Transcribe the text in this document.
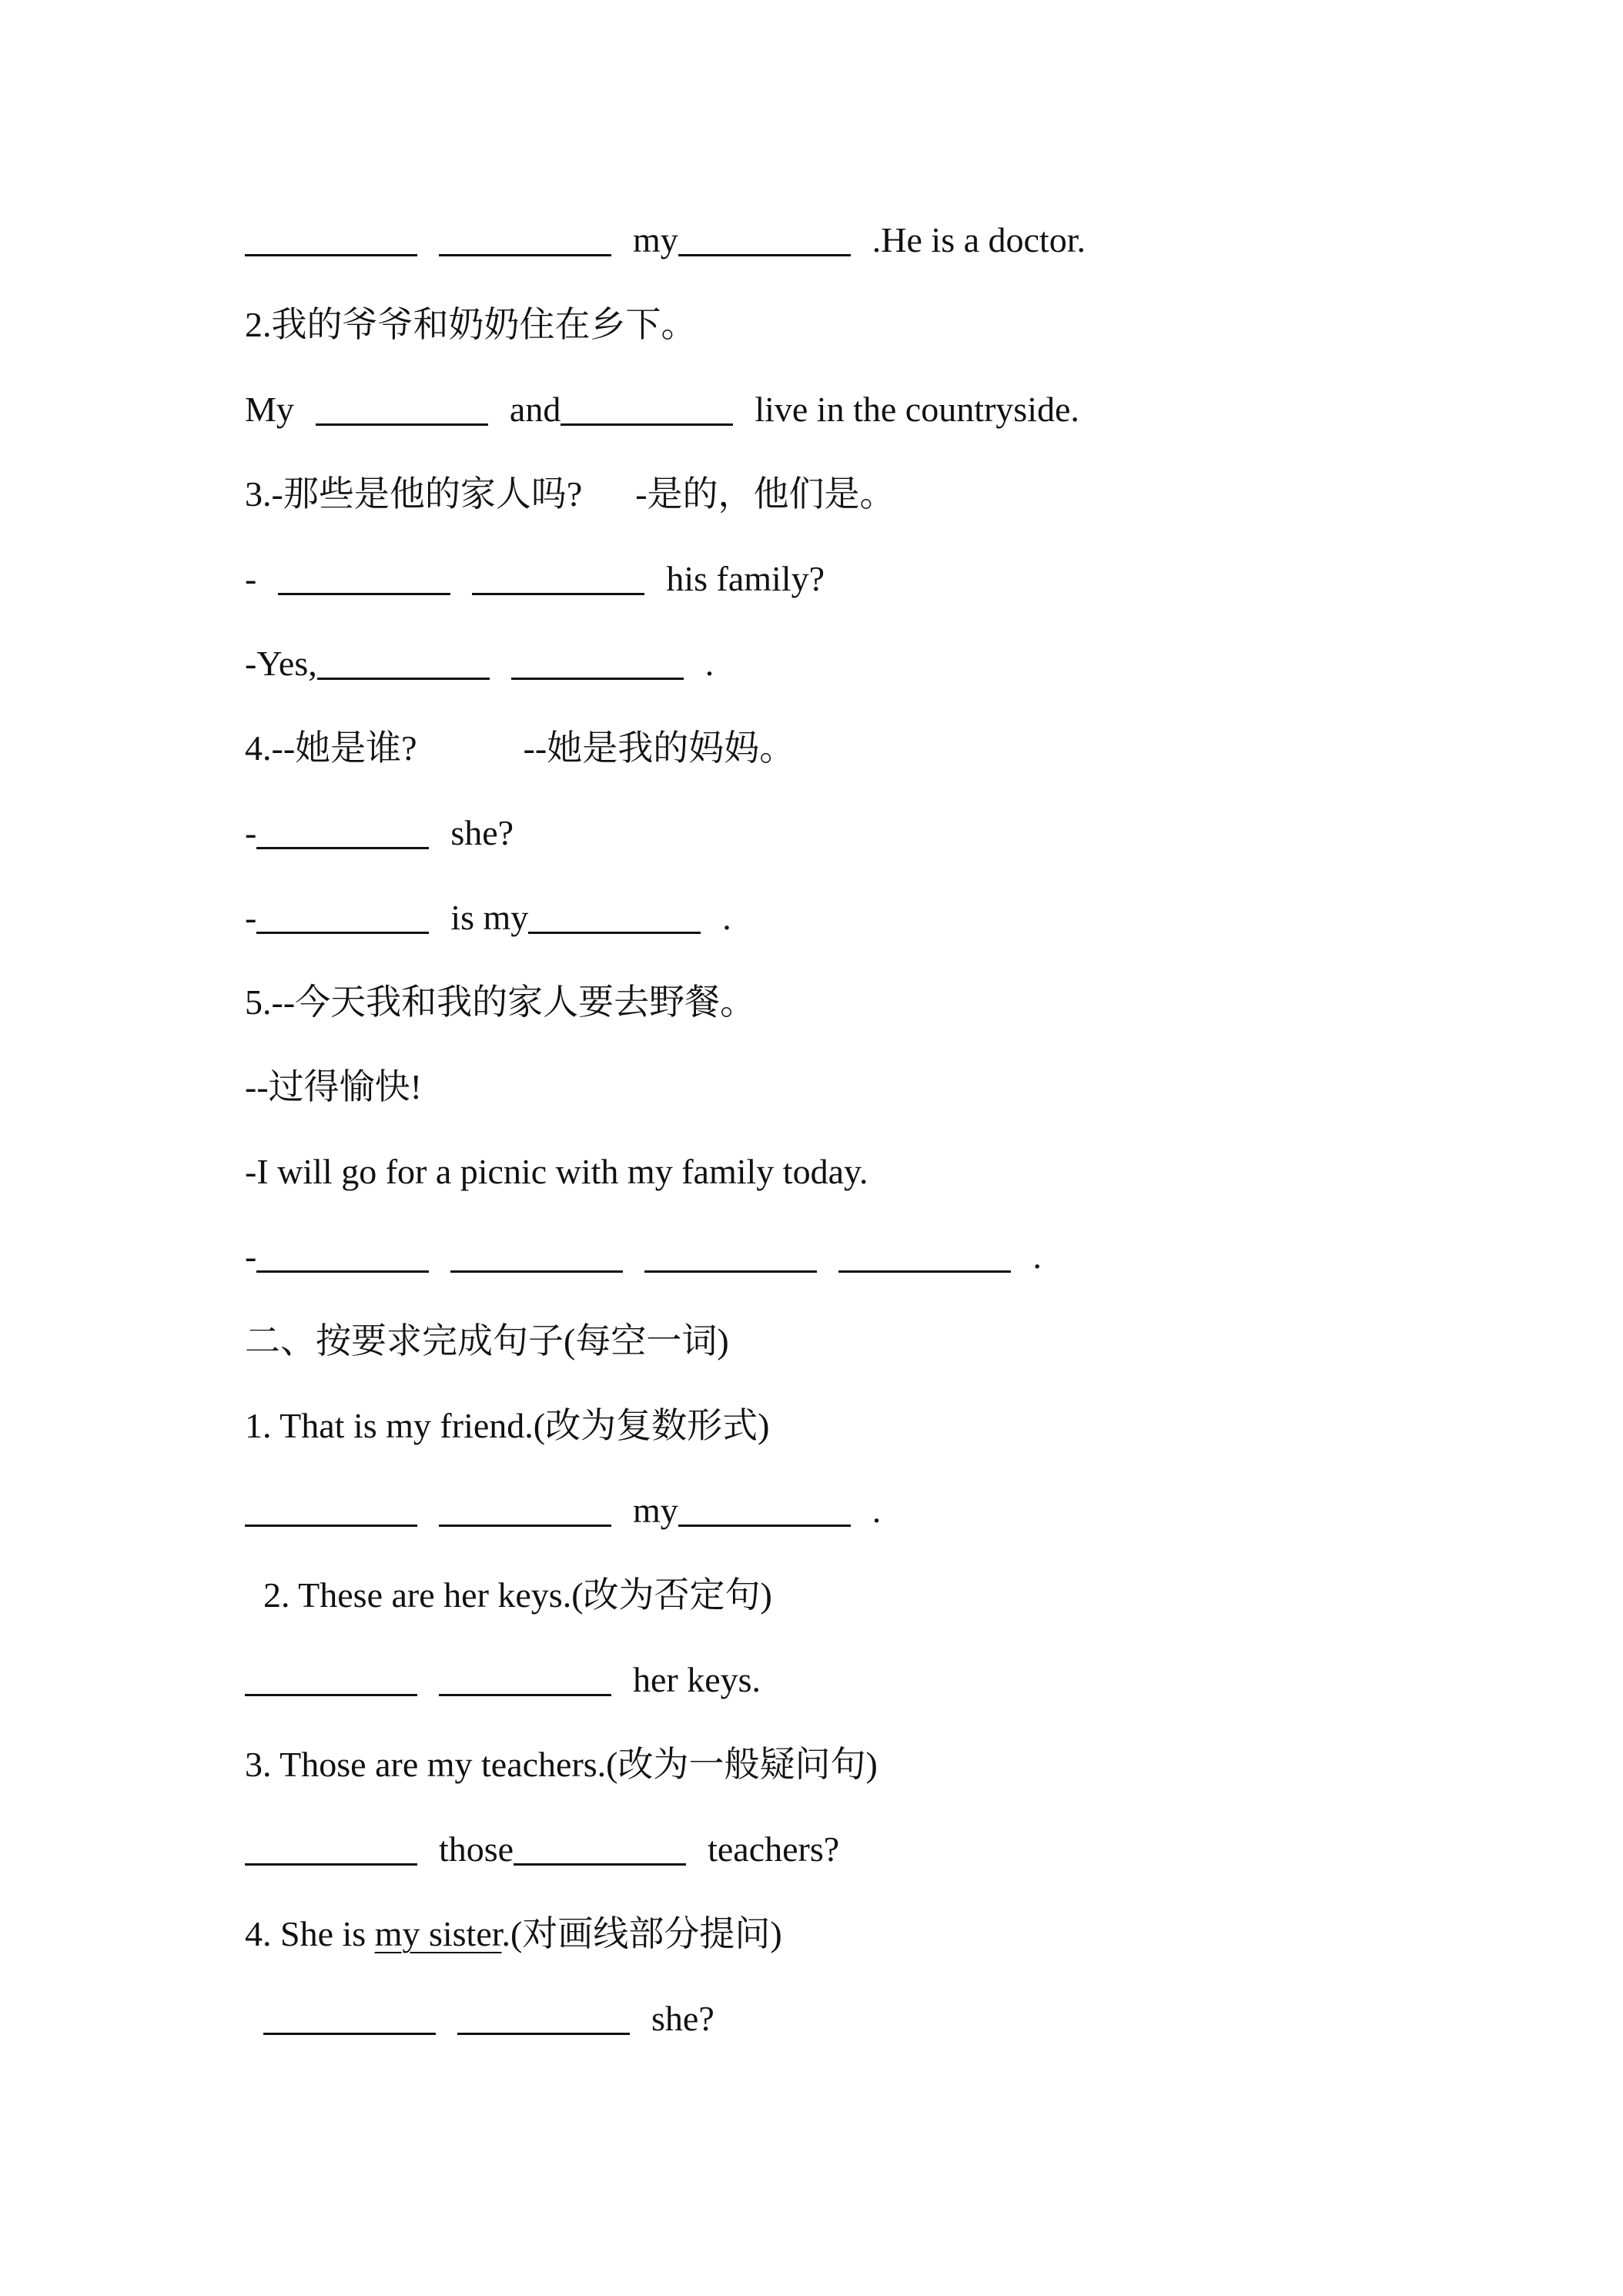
my	.He is a doctor.
2.我的爷爷和奶奶住在乡下。
My	and	live in the countryside.
3.-那些是他的家人吗?      -是的，他们是。
-	his family?
-Yes,	.
4.--她是谁?            --她是我的妈妈。
-	she?
-	is my	.
5.--今天我和我的家人要去野餐。
--过得愉快!
-I will go for a picnic with my family today.
-	.
二、按要求完成句子(每空一词)
1. That is my friend.(改为复数形式)
my	.
2. These are her keys.(改为否定句)
her keys.
3. Those are my teachers.(改为一般疑问句)
those	teachers?
4. She is my sister.(对画线部分提问)
she?
